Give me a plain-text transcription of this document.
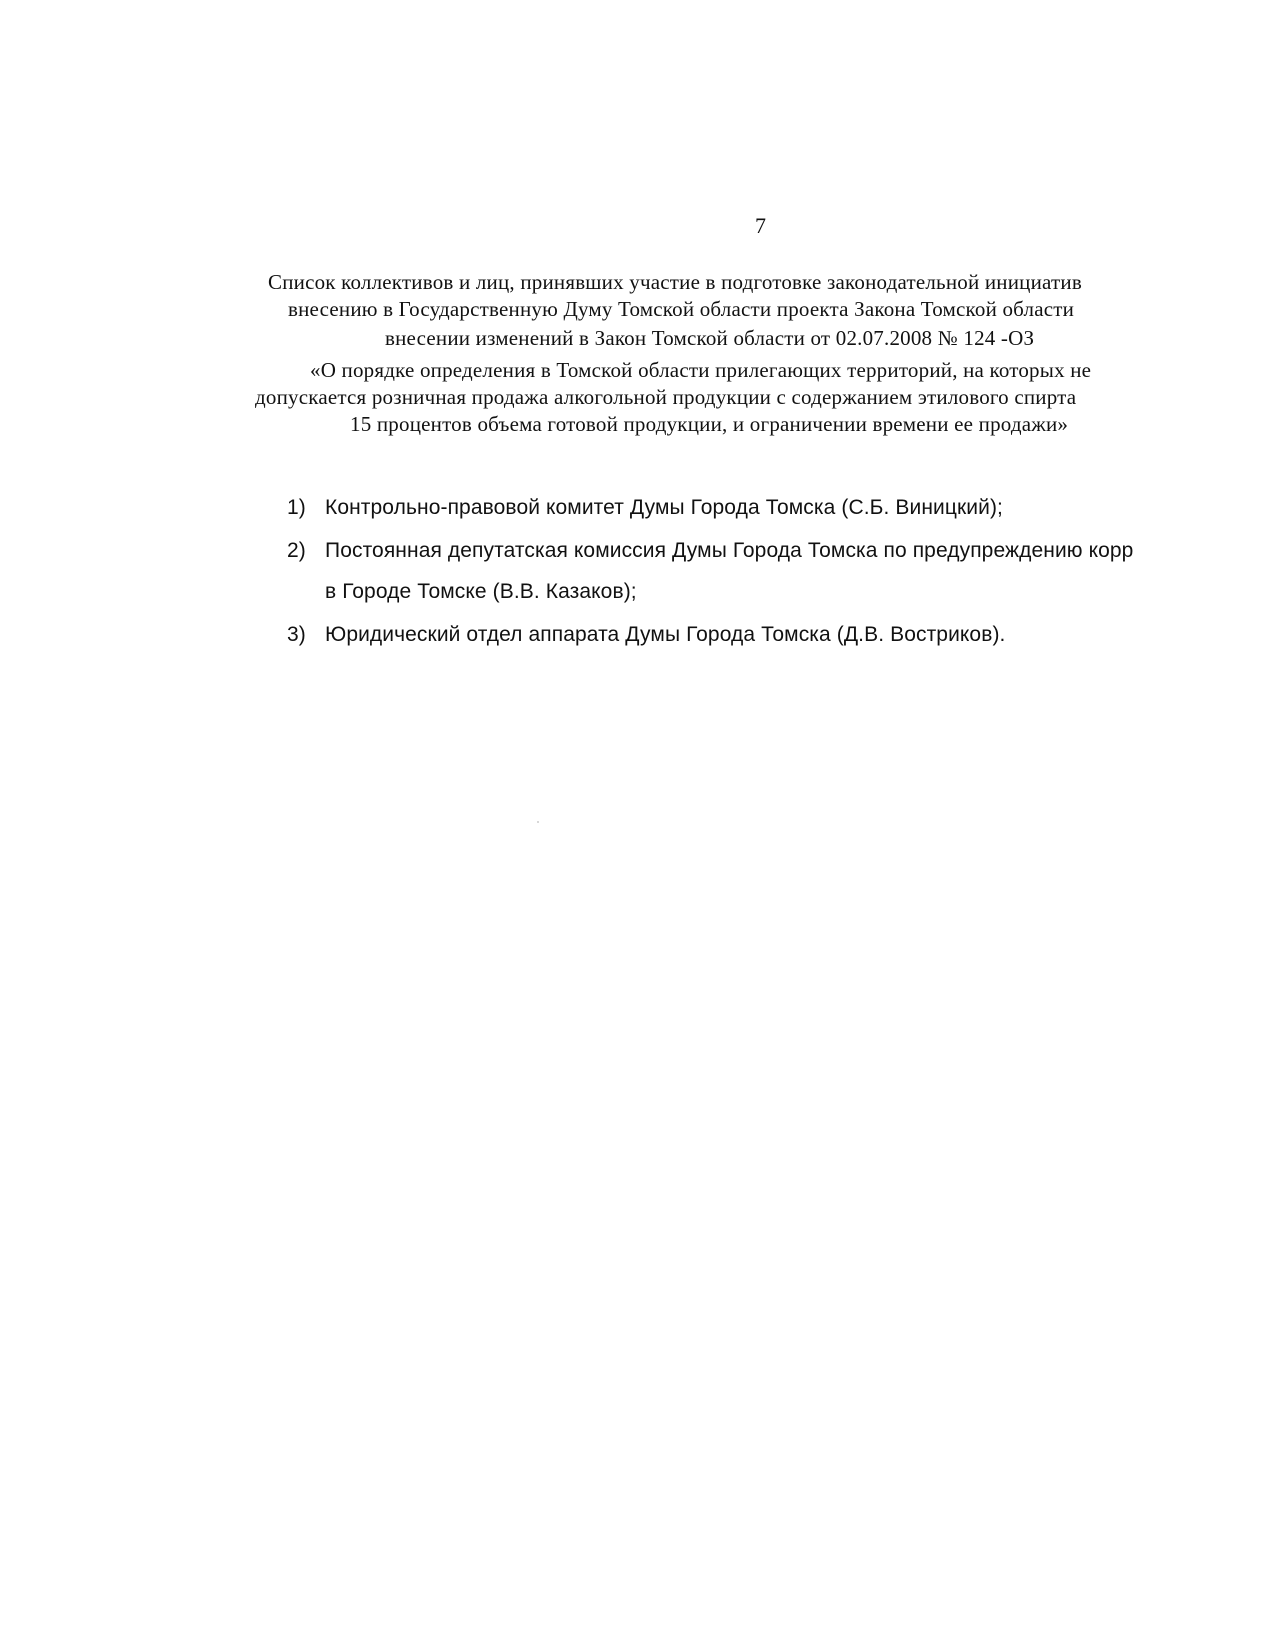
7
Список коллективов и лиц, принявших участие в подготовке законодательной инициатив
внесению в Государственную Думу Томской области проекта Закона Томской области
внесении изменений в Закон Томской области от 02.07.2008 № 124 -ОЗ
«О порядке определения в Томской области прилегающих территорий, на которых не
допускается розничная продажа алкогольной продукции с содержанием этилового спирта
15 процентов объема готовой продукции, и ограничении времени ее продажи»
1) Контрольно-правовой комитет Думы Города Томска (С.Б. Виницкий);
2) Постоянная депутатская комиссия Думы Города Томска по предупреждению корр
в Городе Томске (В.В. Казаков);
3) Юридический отдел аппарата Думы Города Томска (Д.В. Востриков).
